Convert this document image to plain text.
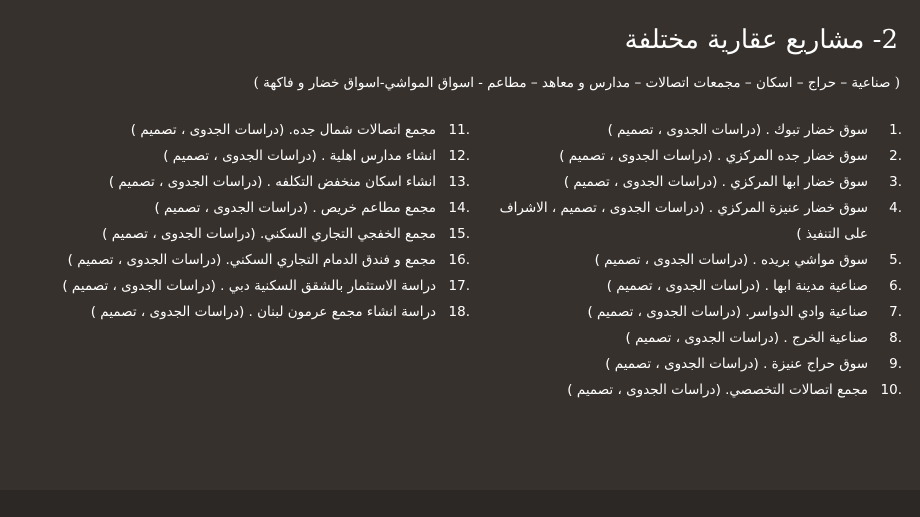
2- مشاريع عقارية مختلفة
( صناعية – حراج – اسكان – مجمعات اتصالات – مدارس و معاهد – مطاعم - اسواق المواشي-اسواق خضار و فاكهة )
1.
سوق خضار تبوك . (دراسات الجدوى ، تصميم )
2.
سوق خضار جده المركزي . (دراسات الجدوى ، تصميم )
3.
سوق خضار ابها المركزي . (دراسات الجدوى ، تصميم )
4.
سوق خضار عنيزة المركزي . (دراسات الجدوى ، تصميم ، الاشراف على التنفيذ )
5.
سوق مواشي بريده . (دراسات الجدوى ، تصميم )
6.
صناعية مدينة ابها . (دراسات الجدوى ، تصميم )
7.
صناعية وادي الدواسر. (دراسات الجدوى ، تصميم )
8.
صناعية الخرج . (دراسات الجدوى ، تصميم )
9.
سوق حراج عنيزة . (دراسات الجدوى ، تصميم )
10.
مجمع اتصالات التخصصي. (دراسات الجدوى ، تصميم )
11.
مجمع اتصالات شمال جده. (دراسات الجدوى ، تصميم )
12.
انشاء مدارس اهلية . (دراسات الجدوى ، تصميم )
13.
انشاء اسكان منخفض التكلفه . (دراسات الجدوى ، تصميم )
14.
مجمع مطاعم خريص . (دراسات الجدوى ، تصميم )
15.
مجمع الخفجي التجاري السكني. (دراسات الجدوى ، تصميم )
16.
مجمع و فندق الدمام التجاري السكني. (دراسات الجدوى ، تصميم )
17.
دراسة الاستثمار بالشقق السكنية دبي . (دراسات الجدوى ، تصميم )
18.
دراسة انشاء مجمع عرمون لبنان . (دراسات الجدوى ، تصميم )
